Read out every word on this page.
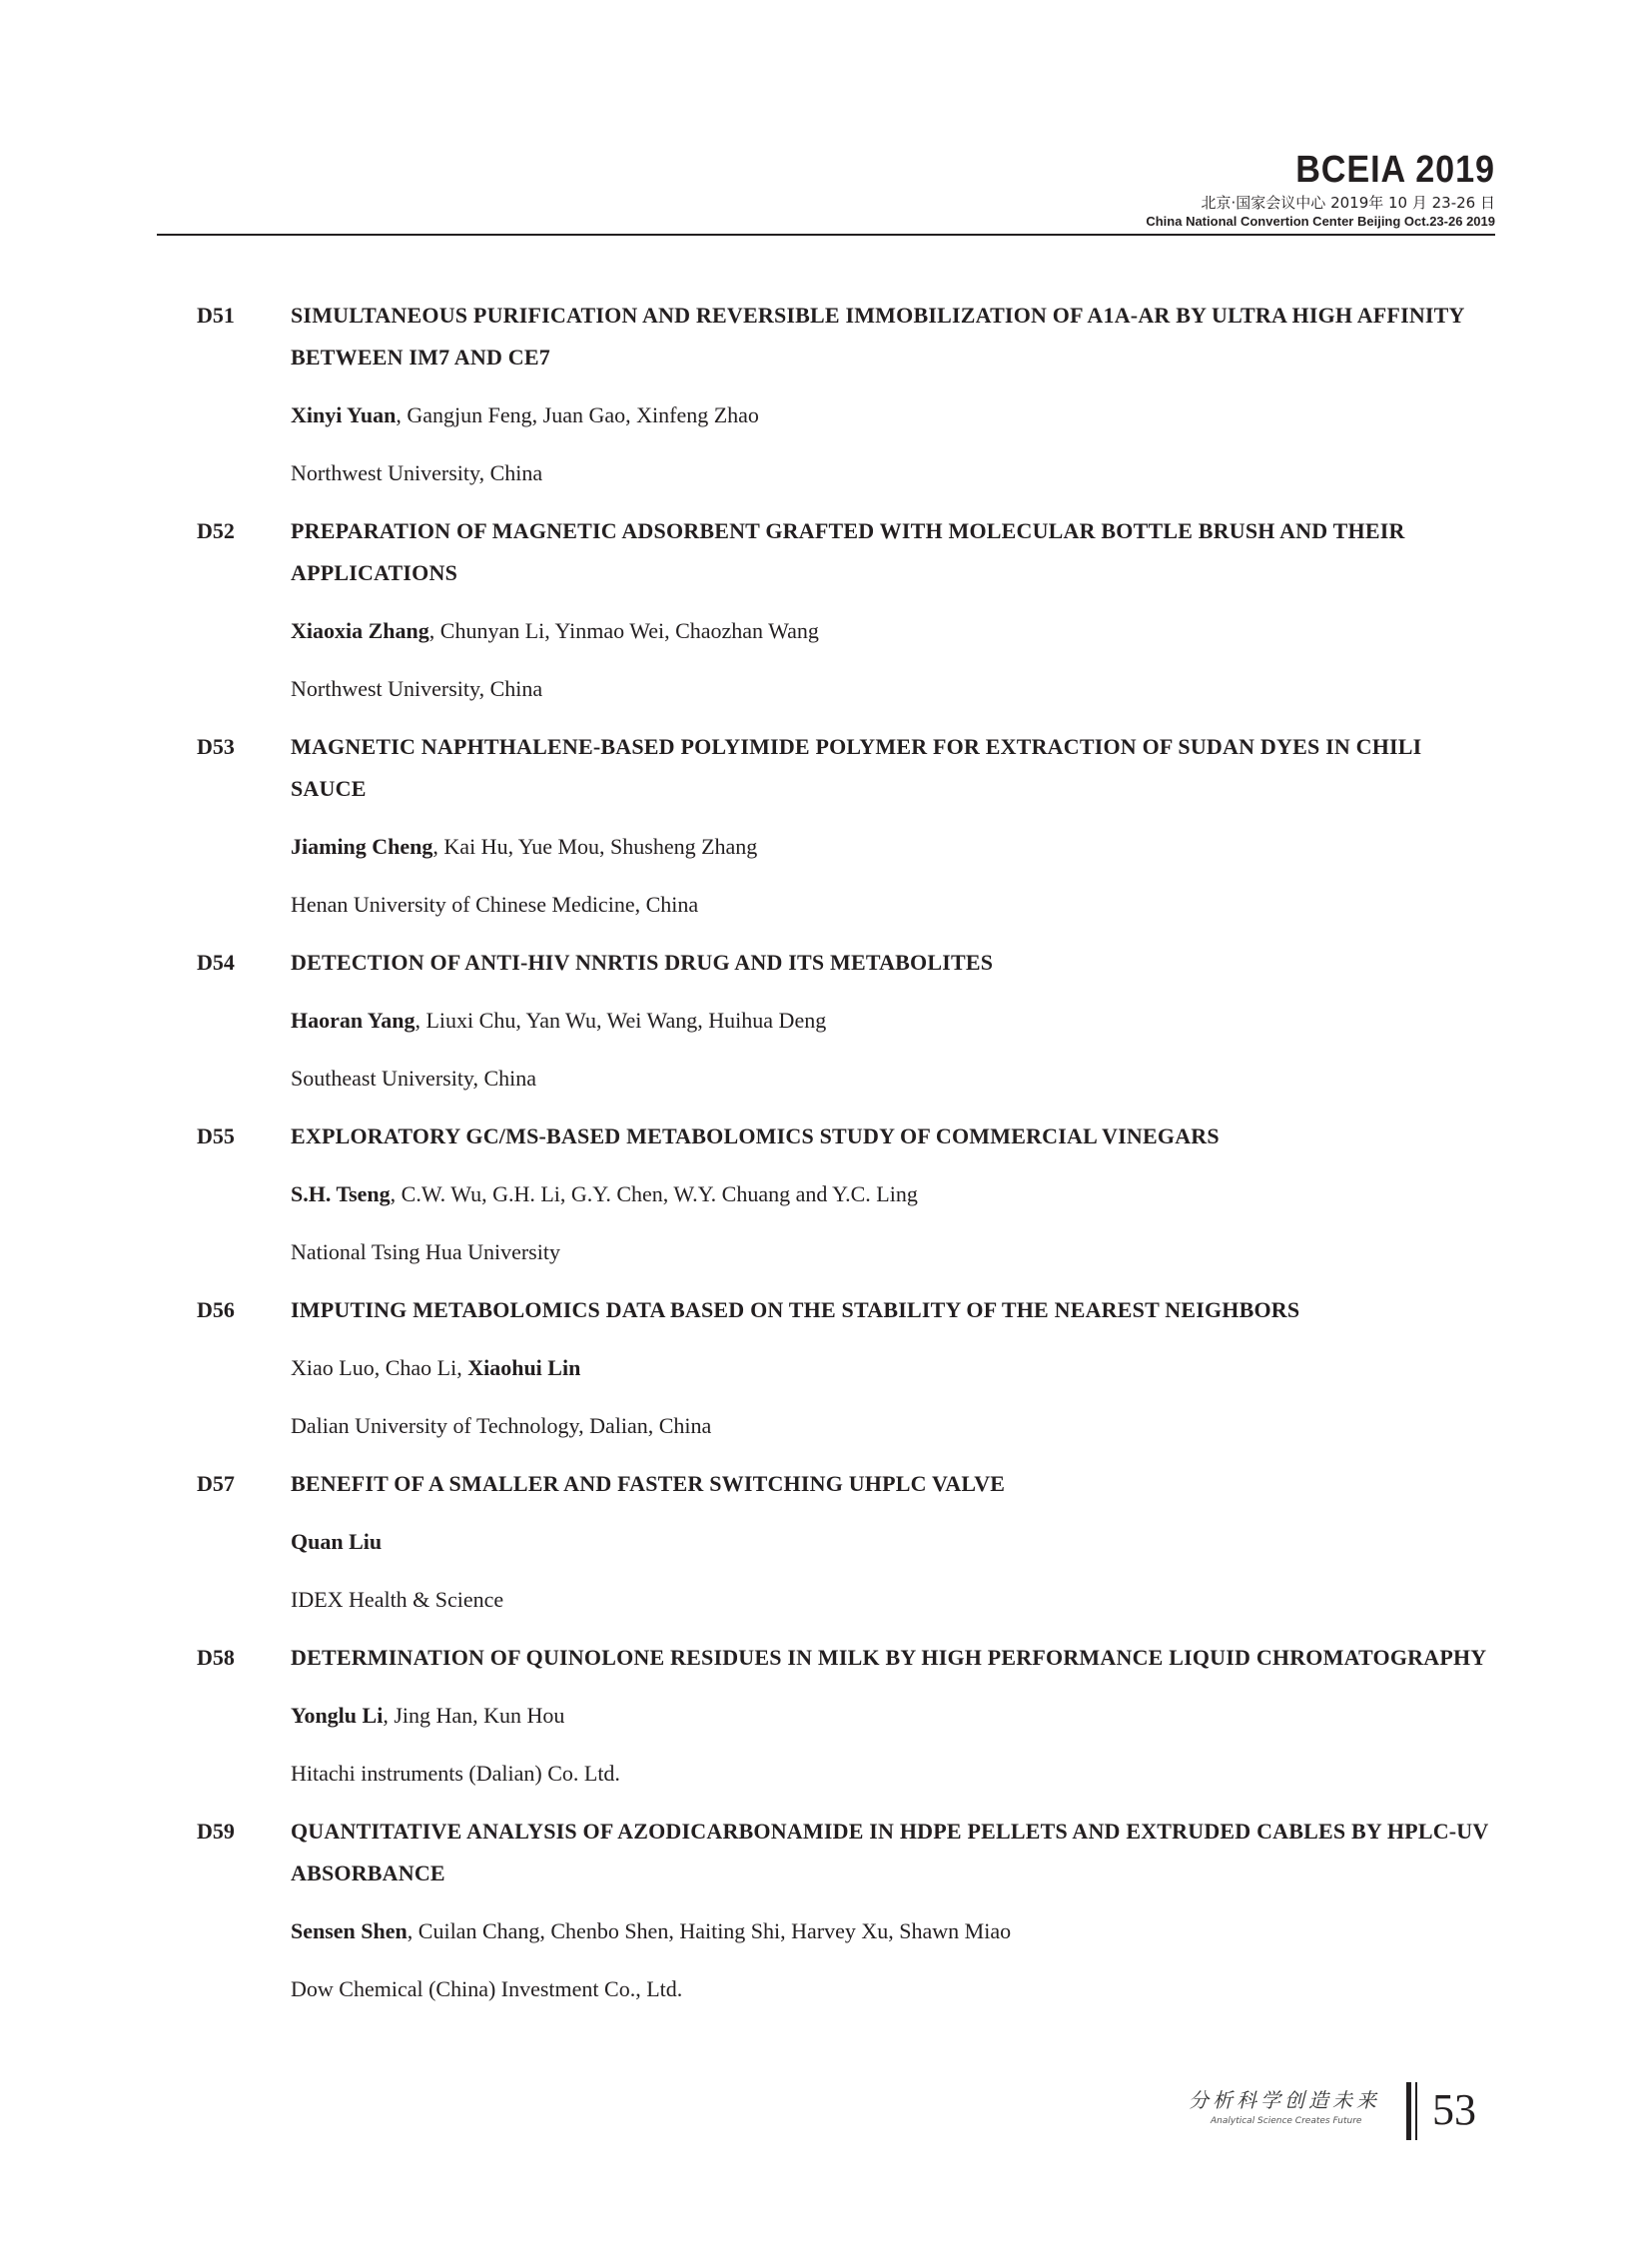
BCEIA 2019
北京·国家会议中心 2019年 10 月 23-26 日
China National Convertion Center Beijing Oct.23-26 2019
D51	SIMULTANEOUS PURIFICATION AND REVERSIBLE IMMOBILIZATION OF A1A-AR BY ULTRA HIGH AFFINITY BETWEEN IM7 AND CE7
Xinyi Yuan, Gangjun Feng, Juan Gao, Xinfeng Zhao
Northwest University, China
D52	PREPARATION OF MAGNETIC ADSORBENT GRAFTED WITH MOLECULAR BOTTLE BRUSH AND THEIR APPLICATIONS
Xiaoxia Zhang, Chunyan Li, Yinmao Wei, Chaozhan Wang
Northwest University, China
D53	MAGNETIC NAPHTHALENE-BASED POLYIMIDE POLYMER FOR EXTRACTION OF SUDAN DYES IN CHILI SAUCE
Jiaming Cheng, Kai Hu, Yue Mou, Shusheng Zhang
Henan University of Chinese Medicine, China
D54	DETECTION OF ANTI-HIV NNRTIS DRUG AND ITS METABOLITES
Haoran Yang, Liuxi Chu, Yan Wu, Wei Wang, Huihua Deng
Southeast University, China
D55	EXPLORATORY GC/MS-BASED METABOLOMICS STUDY OF COMMERCIAL VINEGARS
S.H. Tseng, C.W. Wu, G.H. Li, G.Y. Chen, W.Y. Chuang and Y.C. Ling
National Tsing Hua University
D56	IMPUTING METABOLOMICS DATA BASED ON THE STABILITY OF THE NEAREST NEIGHBORS
Xiao Luo, Chao Li, Xiaohui Lin
Dalian University of Technology, Dalian, China
D57	BENEFIT OF A SMALLER AND FASTER SWITCHING UHPLC VALVE
Quan Liu
IDEX Health & Science
D58	DETERMINATION OF QUINOLONE RESIDUES IN MILK BY HIGH PERFORMANCE LIQUID CHROMATOGRAPHY
Yonglu Li, Jing Han, Kun Hou
Hitachi instruments (Dalian) Co. Ltd.
D59	QUANTITATIVE ANALYSIS OF AZODICARBONAMIDE IN HDPE PELLETS AND EXTRUDED CABLES BY HPLC-UV ABSORBANCE
Sensen Shen, Cuilan Chang, Chenbo Shen, Haiting Shi, Harvey Xu, Shawn Miao
Dow Chemical (China) Investment Co., Ltd.
分析科学创造未来
Analytical Science Creates Future 53
